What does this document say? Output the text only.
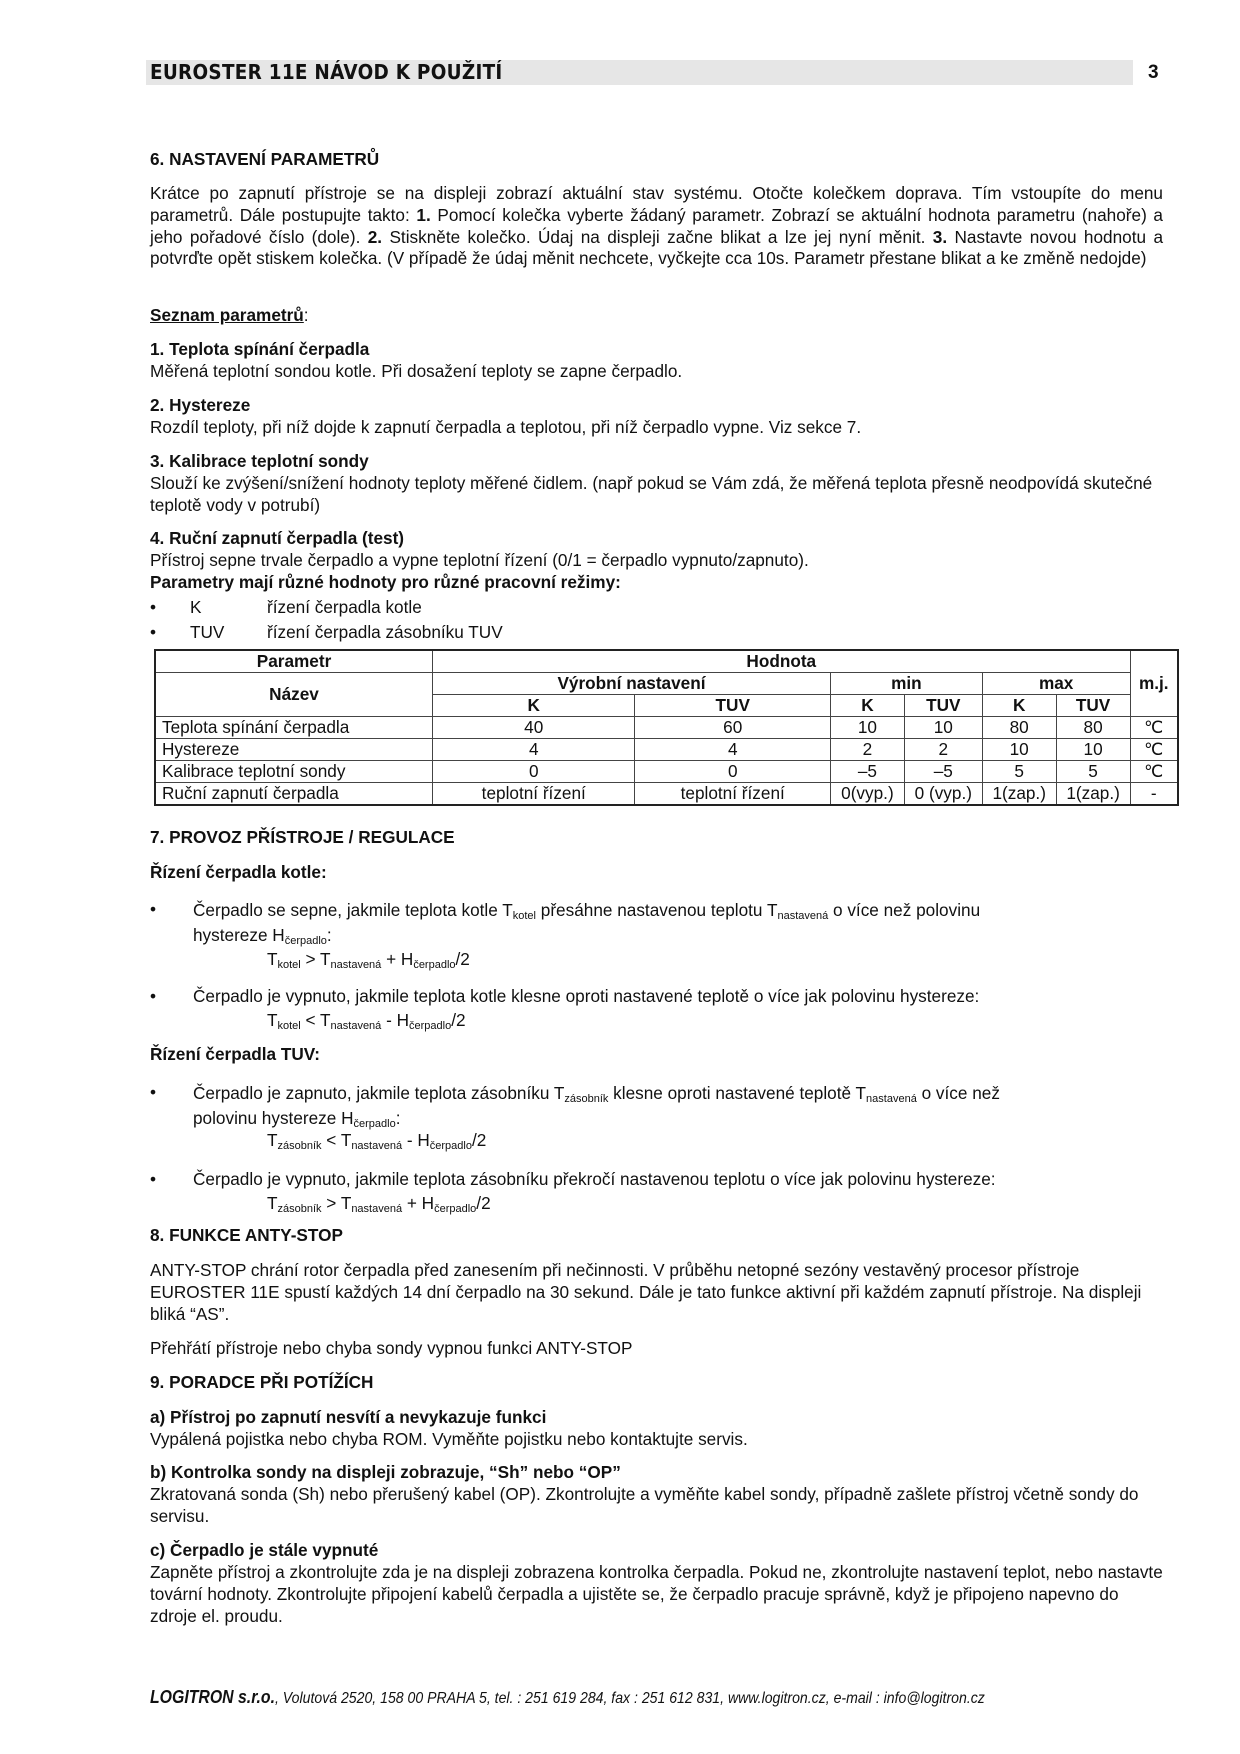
EUROSTER 11E NÁVOD K POUŽITÍ	3
6. NASTAVENÍ PARAMETRŮ
Krátce po zapnutí přístroje se na displeji zobrazí aktuální stav systému. Otočte kolečkem doprava. Tím vstoupíte do menu parametrů. Dále postupujte takto: 1. Pomocí kolečka vyberte žádaný parametr. Zobrazí se aktuální hodnota parametru (nahoře) a jeho pořadové číslo (dole). 2. Stiskněte kolečko. Údaj na displeji začne blikat a lze jej nyní měnit. 3. Nastavte novou hodnotu a potvrďte opět stiskem kolečka. (V případě že údaj měnit nechcete, vyčkejte cca 10s. Parametr přestane blikat a ke změně nedojde)
Seznam parametrů:
1. Teplota spínání čerpadla
Měřená teplotní sondou kotle. Při dosažení teploty se zapne čerpadlo.
2. Hystereze
Rozdíl teploty, při níž dojde k zapnutí čerpadla a teplotou, při níž čerpadlo vypne. Viz sekce 7.
3. Kalibrace teplotní sondy
Slouží ke zvýšení/snížení hodnoty teploty měřené čidlem. (např pokud se Vám zdá, že měřená teplota přesně neodpovídá skutečné teplotě vody v potrubí)
4. Ruční zapnutí čerpadla (test)
Přístroj sepne trvale čerpadlo a vypne teplotní řízení (0/1 = čerpadlo vypnuto/zapnuto).
Parametry mají různé hodnoty pro různé pracovní režimy:
• K	řízení čerpadla kotle
• TUV	řízení čerpadla zásobníku TUV
Parametr	Hodnota						m.j.
Název	Výrobní nastavení		min		max		
	K	TUV	K	TUV	K	TUV	
Teplota spínání čerpadla	40	60	10	10	80	80	℃
Hystereze	4	4	2	2	10	10	℃
Kalibrace teplotní sondy	0	0	–5	–5	5	5	℃
Ruční zapnutí čerpadla	teplotní řízení	teplotní řízení	0(vyp.)	0 (vyp.)	1(zap.)	1(zap.)	-
7. PROVOZ PŘÍSTROJE / REGULACE
Řízení čerpadla kotle:
• Čerpadlo se sepne, jakmile teplota kotle $T_{kotel}$ přesáhne nastavenou teplotu $T_{nastavená}$ o více než polovinu
hystereze $H_{čerpadlo}$:
$T_{kotel} > T_{nastavená} + H_{čerpadlo}/2$
• Čerpadlo je vypnuto, jakmile teplota kotle klesne oproti nastavené teplotě o více jak polovinu hystereze:
$T_{kotel} < T_{nastavená} - H_{čerpadlo}/2$
Řízení čerpadla TUV:
• Čerpadlo je zapnuto, jakmile teplota zásobníku $T_{zásobník}$ klesne oproti nastavené teplotě $T_{nastavená}$ o více než
polovinu hystereze $H_{čerpadlo}$:
$T_{zásobník} < T_{nastavená} - H_{čerpadlo}/2$
• Čerpadlo je vypnuto, jakmile teplota zásobníku překročí nastavenou teplotu o více jak polovinu hystereze:
$T_{zásobník} > T_{nastavená} + H_{čerpadlo}/2$
8. FUNKCE ANTY-STOP
ANTY-STOP chrání rotor čerpadla před zanesením při nečinnosti. V průběhu netopné sezóny vestavěný procesor přístroje EUROSTER 11E spustí každých 14 dní čerpadlo na 30 sekund. Dále je tato funkce aktivní při každém zapnutí přístroje. Na displeji bliká “AS”.
Přehřátí přístroje nebo chyba sondy vypnou funkci ANTY-STOP
9. PORADCE PŘI POTÍŽÍCH
a) Přístroj po zapnutí nesvítí a nevykazuje funkci
Vypálená pojistka nebo chyba ROM. Vyměňte pojistku nebo kontaktujte servis.
b) Kontrolka sondy na displeji zobrazuje, “Sh” nebo “OP”
Zkratovaná sonda (Sh) nebo přerušený kabel (OP). Zkontrolujte a vyměňte kabel sondy, případně zašlete přístroj včetně sondy do servisu.
c) Čerpadlo je stále vypnuté
Zapněte přístroj a zkontrolujte zda je na displeji zobrazena kontrolka čerpadla. Pokud ne, zkontrolujte nastavení teplot, nebo nastavte tovární hodnoty. Zkontrolujte připojení kabelů čerpadla a ujistěte se, že čerpadlo pracuje správně, když je připojeno napevno do zdroje el. proudu.
LOGITRON s.r.o., Volutová 2520, 158 00 PRAHA 5, tel. : 251 619 284, fax : 251 612 831, www.logitron.cz, e-mail : info@logitron.cz
